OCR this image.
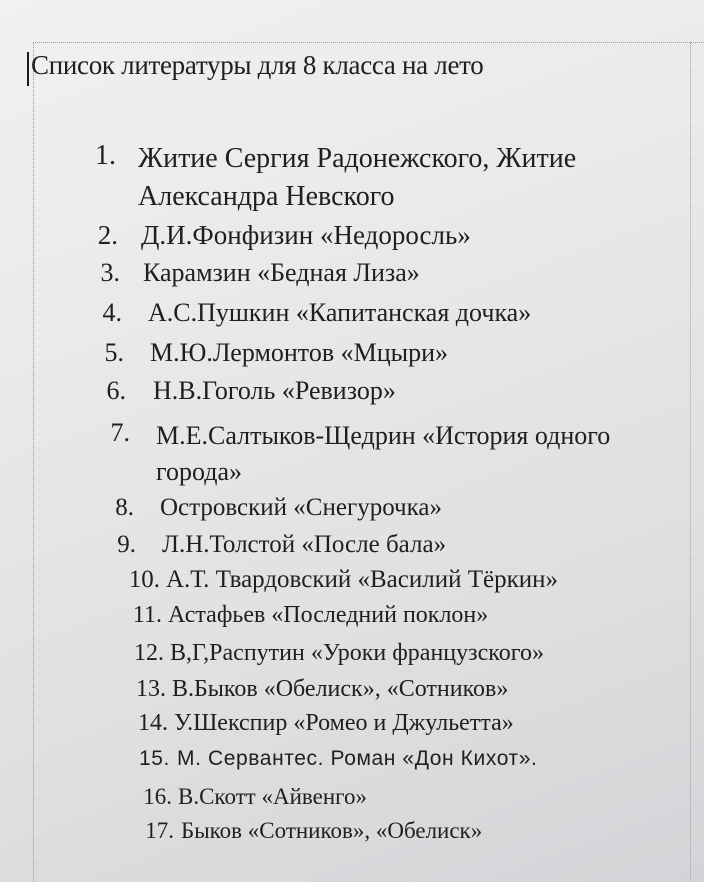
Список литературы для 8 класса на лето
1. Житие Сергия Радонежского, Житие Александра Невского
2. Д.И.Фонфизин «Недоросль»
3. Карамзин «Бедная Лиза»
4. А.С.Пушкин «Капитанская дочка»
5. М.Ю.Лермонтов «Мцыри»
6. Н.В.Гоголь «Ревизор»
7. М.Е.Салтыков-Щедрин «История одного города»
8. Островский «Снегурочка»
9. Л.Н.Толстой «После бала»
10. А.Т. Твардовский «Василий Тёркин»
11. Астафьев «Последний поклон»
12. В,Г,Распутин «Уроки французского»
13. В.Быков «Обелиск», «Сотников»
14. У.Шекспир «Ромео и Джульетта»
15. М. Сервантес. Роман «Дон Кихот».
16. В.Скотт «Айвенго»
17. Быков «Сотников», «Обелиск»
